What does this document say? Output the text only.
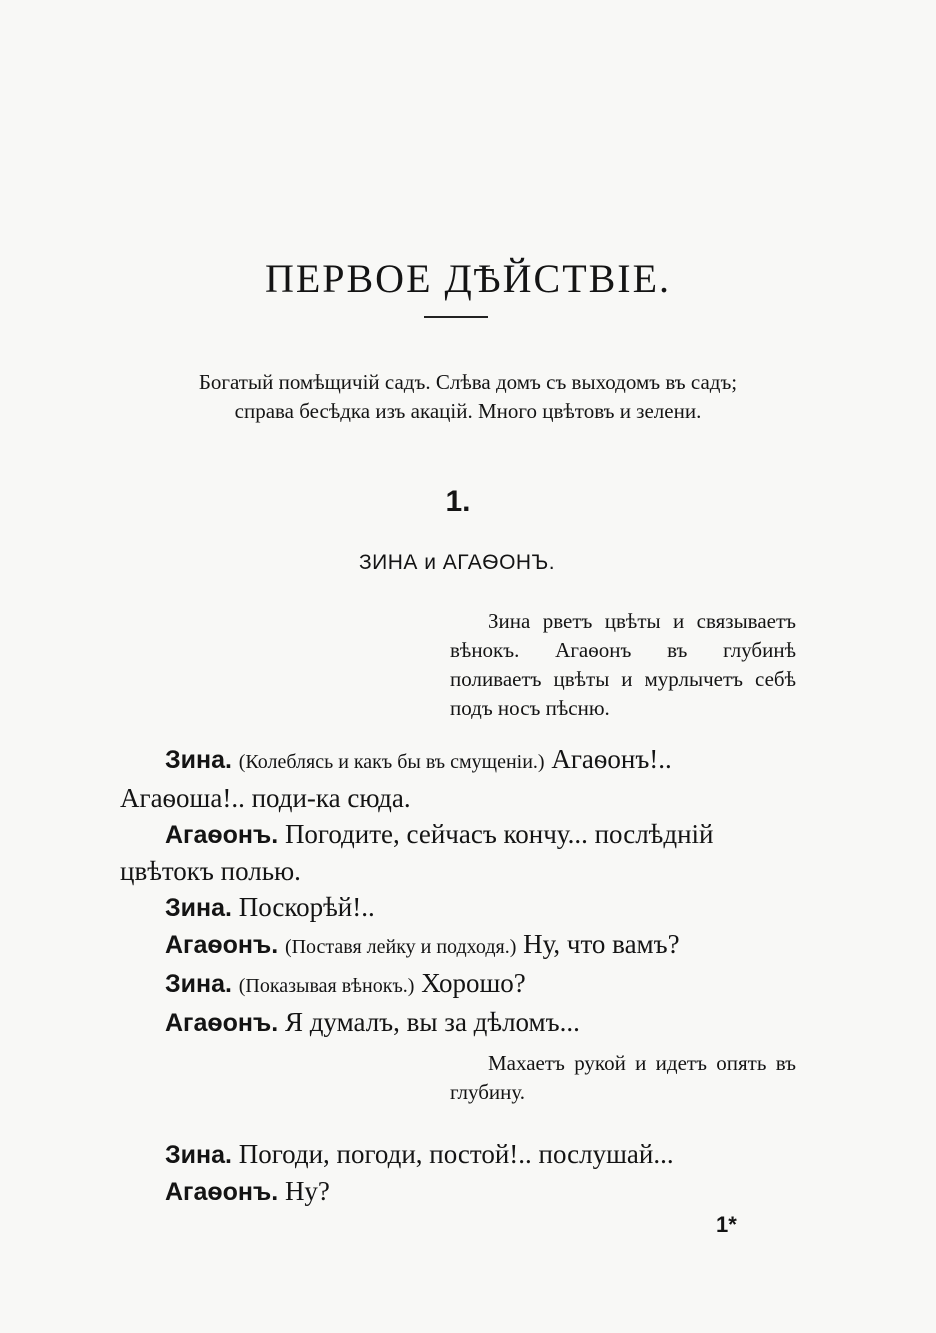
ПЕРВОЕ ДѢЙСТВІЕ.
Богатый помѣщичій садъ. Слѣва домъ съ выходомъ въ садъ;
справа бесѣдка изъ акацій. Много цвѣтовъ и зелени.
1.
ЗИНА и АГАѲОНЪ.
Зина рветъ цвѣты и связываетъ вѣнокъ. Агаѳонъ въ глубинѣ поливаетъ цвѣты и мурлычетъ себѣ подъ носъ пѣсню.
Зина. (Колеблясь и какъ бы въ смущеніи.) Агаѳонъ!.. Агаѳоша!.. поди-ка сюда.
Агаѳонъ. Погодите, сейчасъ кончу... послѣдній цвѣтокъ полью.
Зина. Поскорѣй!..
Агаѳонъ. (Поставя лейку и подходя.) Ну, что вамъ?
Зина. (Показывая вѣнокъ.) Хорошо?
Агаѳонъ. Я думалъ, вы за дѣломъ...
Махаетъ рукой и идетъ опять въ глубину.
Зина. Погоди, погоди, постой!.. послушай...
Агаѳонъ. Ну?
1*
